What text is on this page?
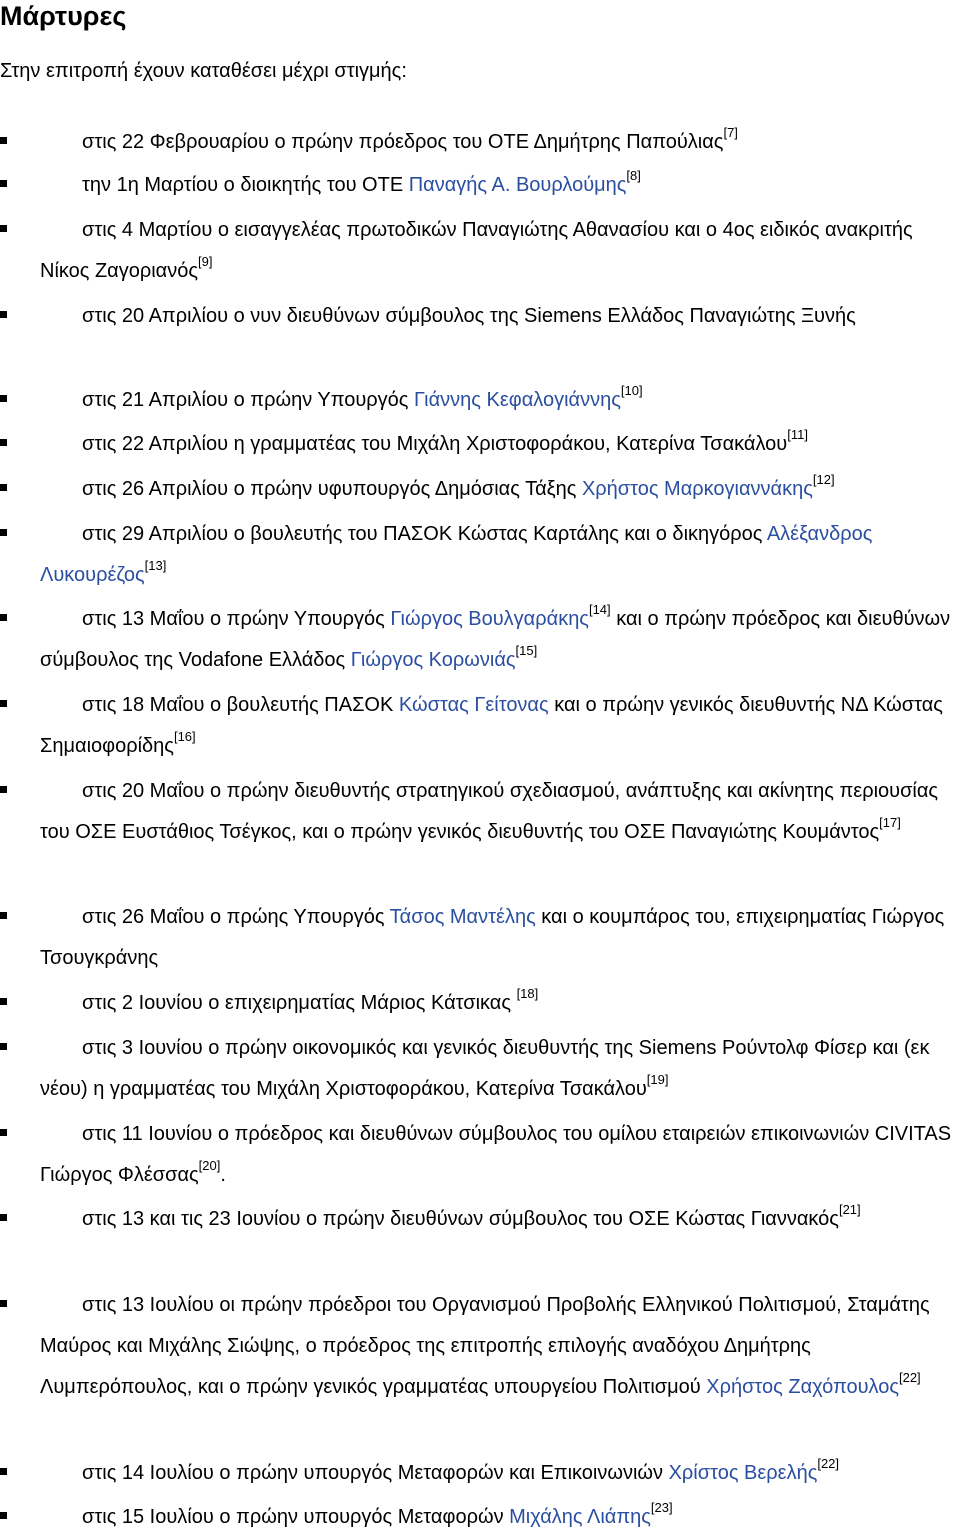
Μάρτυρες

Στην επιτροπή έχουν καταθέσει μέχρι στιγμής:

στις 22 Φεβρουαρίου ο πρώην πρόεδρος του ΟΤΕ Δημήτρης Παπούλιας[7]

την 1η Μαρτίου ο διοικητής του ΟΤΕ Παναγής Α. Βουρλούμης[8]

στις 4 Μαρτίου ο εισαγγελέας πρωτοδικών Παναγιώτης Αθανασίου και ο 4ος ειδικός ανακριτής Νίκος Ζαγοριανός[9]

στις 20 Απριλίου ο νυν διευθύνων σύμβουλος της Siemens Ελλάδος Παναγιώτης Ξυνής

στις 21 Απριλίου ο πρώην Υπουργός Γιάννης Κεφαλογιάννης[10]

στις 22 Απριλίου η γραμματέας του Μιχάλη Χριστοφοράκου, Κατερίνα Τσακάλου[11]

στις 26 Απριλίου ο πρώην υφυπουργός Δημόσιας Τάξης Χρήστος Μαρκογιαννάκης[12]

στις 29 Απριλίου ο βουλευτής του ΠΑΣΟΚ Κώστας Καρτάλης και ο δικηγόρος Αλέξανδρος Λυκουρέζος[13]

στις 13 Μαΐου ο πρώην Υπουργός Γιώργος Βουλγαράκης[14] και ο πρώην πρόεδρος και διευθύνων σύμβουλος της Vodafone Ελλάδος Γιώργος Κορωνιάς[15]

στις 18 Μαΐου ο βουλευτής ΠΑΣΟΚ Κώστας Γείτονας και ο πρώην γενικός διευθυντής ΝΔ Κώστας Σημαιοφορίδης[16]

στις 20 Μαΐου ο πρώην διευθυντής στρατηγικού σχεδιασμού, ανάπτυξης και ακίνητης περιουσίας του ΟΣΕ Ευστάθιος Τσέγκος, και ο πρώην γενικός διευθυντής του ΟΣΕ Παναγιώτης Κουμάντος[17]

στις 26 Μαΐου ο πρώης Υπουργός Τάσος Μαντέλης και ο κουμπάρος του, επιχειρηματίας Γιώργος Τσουγκράνης

στις 2 Ιουνίου ο επιχειρηματίας Μάριος Κάτσικας [18]

στις 3 Ιουνίου ο πρώην οικονομικός και γενικός διευθυντής της Siemens Ρούντολφ Φίσερ και (εκ νέου) η γραμματέας του Μιχάλη Χριστοφοράκου, Κατερίνα Τσακάλου[19]

στις 11 Ιουνίου ο πρόεδρος και διευθύνων σύμβουλος του ομίλου εταιρειών επικοινωνιών CIVITAS Γιώργος Φλέσσας[20].

στις 13 και τις 23 Ιουνίου ο πρώην διευθύνων σύμβουλος του ΟΣΕ Κώστας Γιαννακός[21]

στις 13 Ιουλίου οι πρώην πρόεδροι του Οργανισμού Προβολής Ελληνικού Πολιτισμού, Σταμάτης Μαύρος και Μιχάλης Σιώψης, ο πρόεδρος της επιτροπής επιλογής αναδόχου Δημήτρης Λυμπερόπουλος, και ο πρώην γενικός γραμματέας υπουργείου Πολιτισμού Χρήστος Ζαχόπουλος[22]

στις 14 Ιουλίου ο πρώην υπουργός Μεταφορών και Επικοινωνιών Χρίστος Βερελής[22]

στις 15 Ιουλίου ο πρώην υπουργός Μεταφορών Μιχάλης Λιάπης[23]
